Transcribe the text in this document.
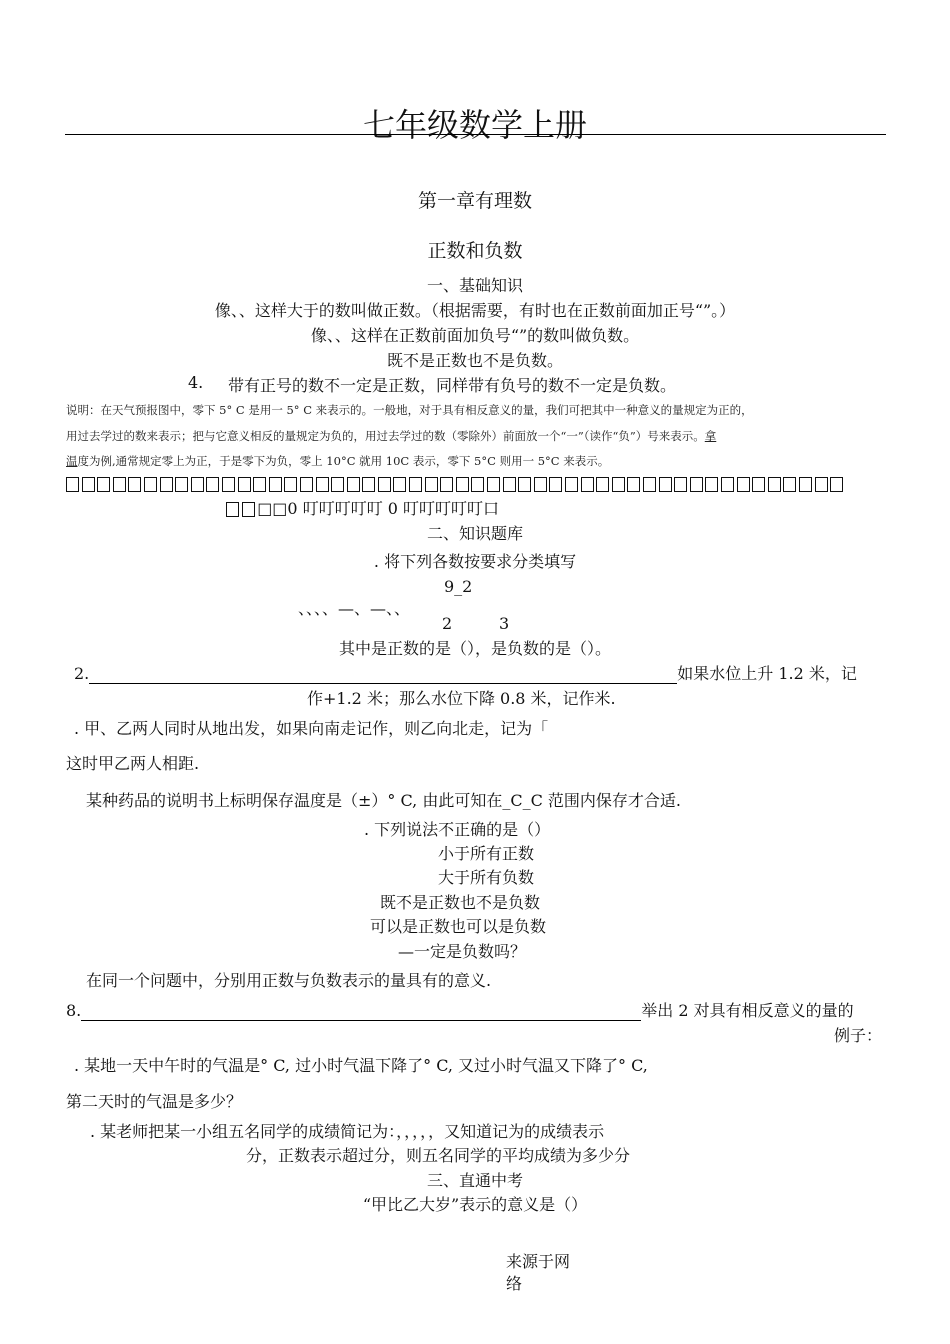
七年级数学上册
第一章有理数
正数和负数
一、基础知识
像、、这样大于的数叫做正数。（根据需要，有时也在正数前面加正号“”。）
像、、这样在正数前面加负号“”的数叫做负数。
既不是正数也不是负数。
4. 带有正号的数不一定是正数，同样带有负号的数不一定是负数。
说明：在天气预报图中，零下 5° C 是用一 5° C 来表示的。一般地，对于具有相反意义的量，我们可把其中一种意义的量规定为正的，
用过去学过的数来表示；把与它意义相反的量规定为负的，用过去学过的数（零除外）前面放一个“一”（读作“负”）号来表示。拿
温度为例,通常规定零上为正，于是零下为负，零上 10°C 就用 10C 表示，零下 5°C 则用一 5°C 来表示。
□□0 叮叮叮叮叮 0 叮叮叮叮叮口
二、知识题库
. 将下列各数按要求分类填写
9_2
、、、、—、—、、
2	3
其中是正数的是（），是负数的是（）。
2.	如果水位上升 1.2 米，记
作+1.2 米；那么水位下降 0.8 米，记作米.
. 甲、乙两人同时从地出发，如果向南走记作，则乙向北走，记为「
这时甲乙两人相距.
某种药品的说明书上标明保存温度是（±）° C, 由此可知在_C_C 范围内保存才合适.
. 下列说法不正确的是（）
小于所有正数
大于所有负数
既不是正数也不是负数
可以是正数也可以是负数
—一定是负数吗？
在同一个问题中，分别用正数与负数表示的量具有的意义.
8.	举出 2 对具有相反意义的量的
例子：
. 某地一天中午时的气温是° C, 过小时气温下降了° C, 又过小时气温又下降了° C,
第二天时的气温是多少？
. 某老师把某一小组五名同学的成绩简记为：，，，，，又知道记为的成绩表示
分，正数表示超过分，则五名同学的平均成绩为多少分
三、直通中考
“甲比乙大岁”表示的意义是（）
来源于网
络
